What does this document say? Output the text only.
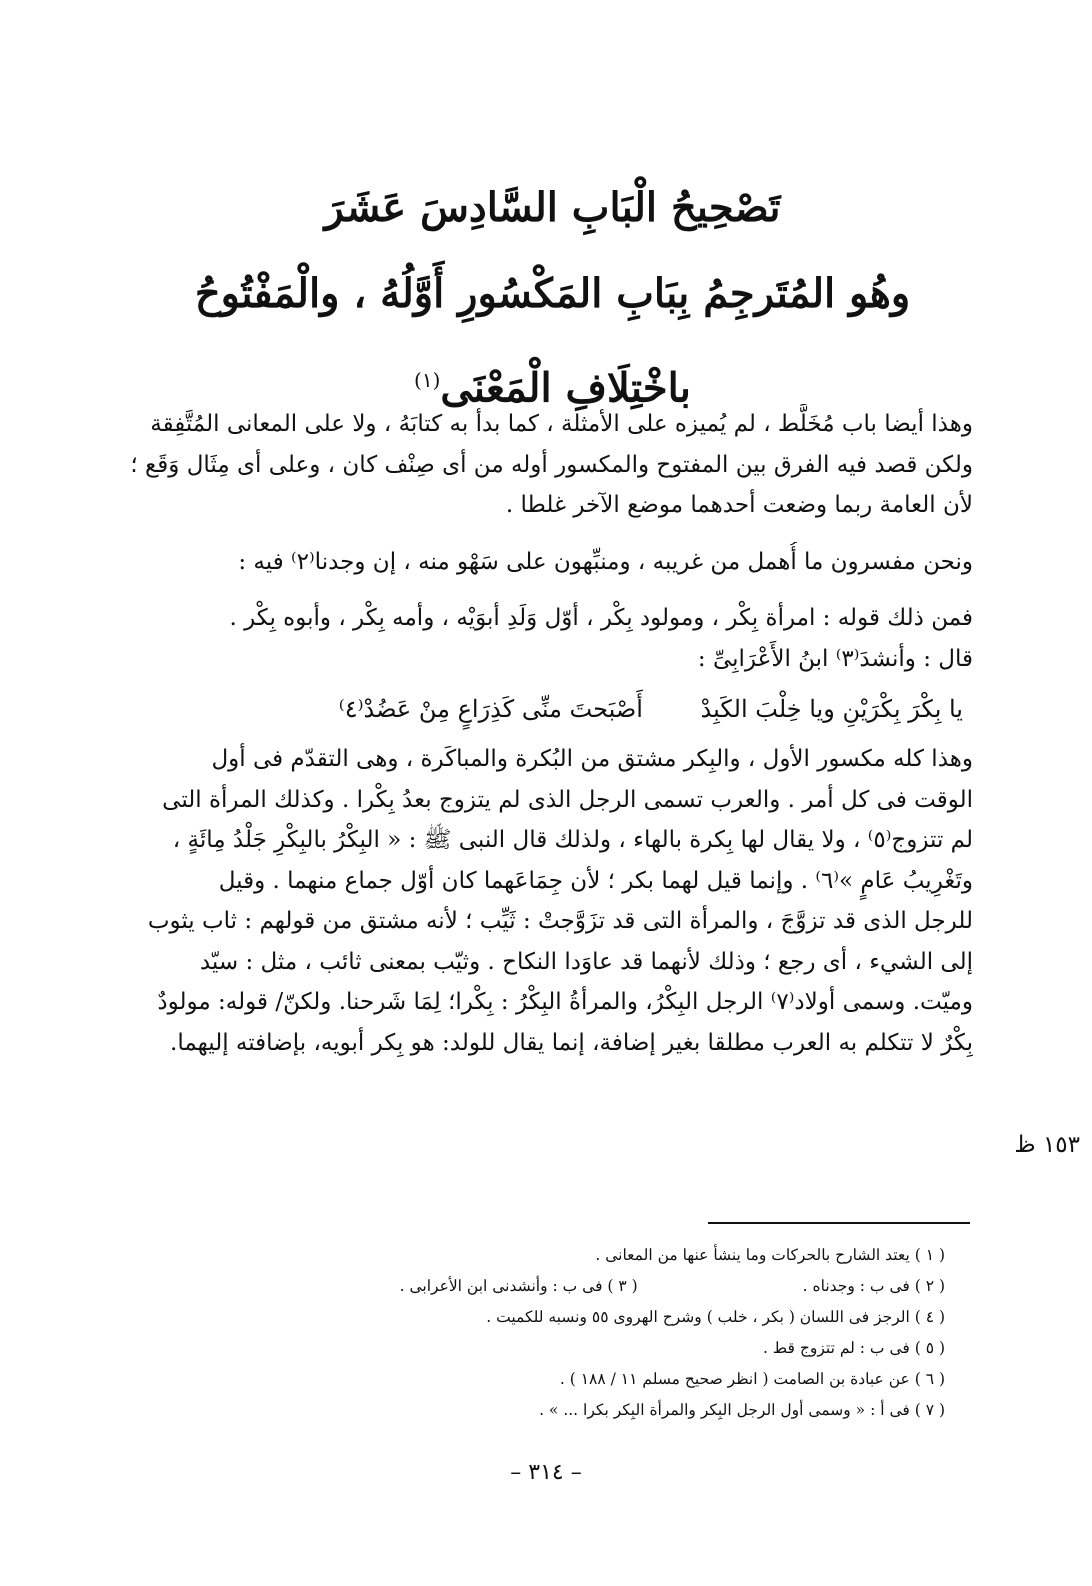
تَصْحِيحُ الْبَابِ السَّادِسَ عَشَرَ
وهُو المُتَرجِمُ بِبَابِ المَكْسُورِ أَوَّلُهُ ، والْمَفْتُوحُ
باخْتِلَافِ الْمَعْنَى$^{(١)}$
وهذا أيضا باب مُخَلَّط ، لم يُميزه على الأمثلة ، كما بدأ به كتابَهُ ، ولا على المعانى المُتَّفِقة
ولكن قصد فيه الفرق بين المفتوح والمكسور أوله من أى صِنْف كان ، وعلى أى مِثَال وَقَع ؛
لأن العامة ربما وضعت أحدهما موضع الآخر غلطا .
ونحن مفسرون ما أُهمل من غريبه ، ومنبِّهون على سَهْو منه ، إن وجدنا⁽٢⁾ فيه :
فمن ذلك قوله : امرأة بِكْر ، ومولود بِكْر ، أوّل وَلَدِ أبوَيْه ، وأمه بِكْر ، وأبوه بِكْر .
قال : وأنشدَ⁽٣⁾ ابنُ الأَعْرَابِىِّ :
يا بِكْرَ بِكْرَيْنِ ويا خِلْبَ الكَبِدْ أَصْبَحتَ منِّى كَذِرَاعٍ مِنْ عَضُدْ⁽٤⁾
وهذا كله مكسور الأول ، والبِكر مشتق من البُكرة والمباكَرة ، وهى التقدّم فى أول
الوقت فى كل أمر . والعرب تسمى الرجل الذى لم يتزوج بعدُ بِكْرا . وكذلك المرأة التى
لم تتزوج⁽٥⁾ ، ولا يقال لها بِكرة بالهاء ، ولذلك قال النبى ﷺ : « البِكْرُ بالبِكْرِ جَلْدُ مِائَةٍ ،
وتَغْرِيبُ عَامٍ »⁽٦⁾ . وإنما قيل لهما بكر ؛ لأن جِمَاعَهما كان أوّل جماع منهما . وقيل
للرجل الذى قد تزوَّجَ ، والمرأة التى قد تزَوَّجتْ : ثَيِّب ؛ لأنه مشتق من قولهم : ثاب يثوب
إلى الشيء ، أى رجع ؛ وذلك لأنهما قد عاوَدا النكاح . وثيّب بمعنى ثائب ، مثل : سيّد
وميّت. وسمى أولاد⁽٧⁾ الرجل البِكْرُ، والمرأةُ البِكْرُ : بِكْرا؛ لِمَا شَرحنا. ولكنّ/ قوله: مولودٌ
بِكْرٌ لا تتكلم به العرب مطلقا بغير إضافة، إنما يقال للولد: هو بِكر أبويه، بإضافته إليهما.
١٥٣ ظ
( ١ ) يعتد الشارح بالحركات وما ينشأ عنها من المعانى .
( ٢ ) فى ب : وجدناه . ( ٣ ) فى ب : وأنشدنى ابن الأعرابى .
( ٤ ) الرجز فى اللسان ( بكر ، خلب ) وشرح الهروى ٥٥ ونسبه للكميت .
( ٥ ) فى ب : لم تتزوج قط .
( ٦ ) عن عبادة بن الصامت ( انظر صحيح مسلم ١١ / ١٨٨ ) .
( ٧ ) فى أ : « وسمى أول الرجل البِكر والمرأة البِكر بكرا ... » .
– ٣١٤ –
